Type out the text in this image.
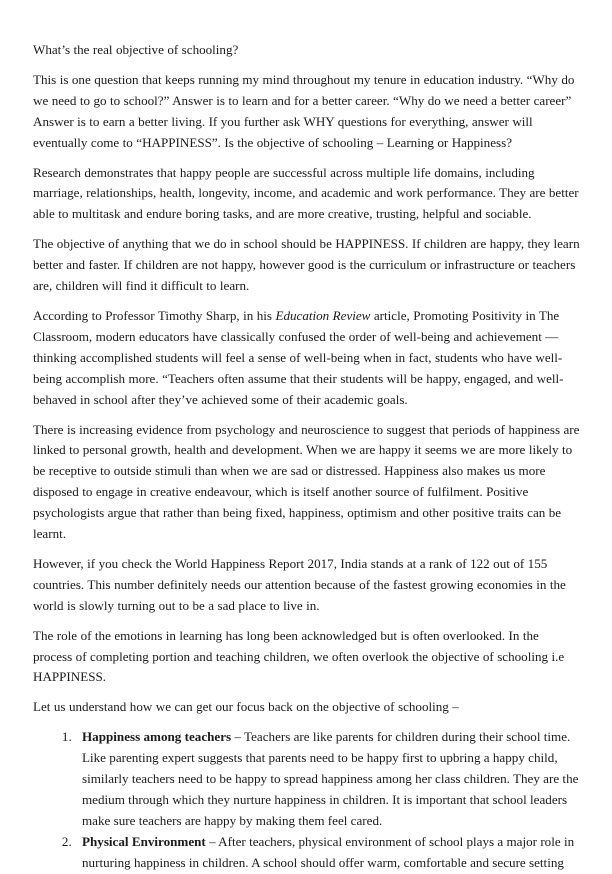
What’s the real objective of schooling?

This is one question that keeps running my mind throughout my tenure in education industry. “Why do we need to go to school?” Answer is to learn and for a better career. “Why do we need a better career” Answer is to earn a better living. If you further ask WHY questions for everything, answer will eventually come to “HAPPINESS”. Is the objective of schooling – Learning or Happiness?

Research demonstrates that happy people are successful across multiple life domains, including marriage, relationships, health, longevity, income, and academic and work performance. They are better able to multitask and endure boring tasks, and are more creative, trusting, helpful and sociable.

The objective of anything that we do in school should be HAPPINESS. If children are happy, they learn better and faster. If children are not happy, however good is the curriculum or infrastructure or teachers are, children will find it difficult to learn.

According to Professor Timothy Sharp, in his Education Review article, Promoting Positivity in The Classroom, modern educators have classically confused the order of well-being and achievement — thinking accomplished students will feel a sense of well-being when in fact, students who have well-being accomplish more. “Teachers often assume that their students will be happy, engaged, and well-behaved in school after they’ve achieved some of their academic goals.

There is increasing evidence from psychology and neuroscience to suggest that periods of happiness are linked to personal growth, health and development. When we are happy it seems we are more likely to be receptive to outside stimuli than when we are sad or distressed. Happiness also makes us more disposed to engage in creative endeavour, which is itself another source of fulfilment. Positive psychologists argue that rather than being fixed, happiness, optimism and other positive traits can be learnt.

However, if you check the World Happiness Report 2017, India stands at a rank of 122 out of 155 countries. This number definitely needs our attention because of the fastest growing economies in the world is slowly turning out to be a sad place to live in.

The role of the emotions in learning has long been acknowledged but is often overlooked. In the process of completing portion and teaching children, we often overlook the objective of schooling i.e HAPPINESS.

Let us understand how we can get our focus back on the objective of schooling –

1. Happiness among teachers – Teachers are like parents for children during their school time. Like parenting expert suggests that parents need to be happy first to upbring a happy child, similarly teachers need to be happy to spread happiness among her class children. They are the medium through which they nurture happiness in children. It is important that school leaders make sure teachers are happy by making them feel cared.
2. Physical Environment – After teachers, physical environment of school plays a major role in nurturing happiness in children. A school should offer warm, comfortable and secure setting
